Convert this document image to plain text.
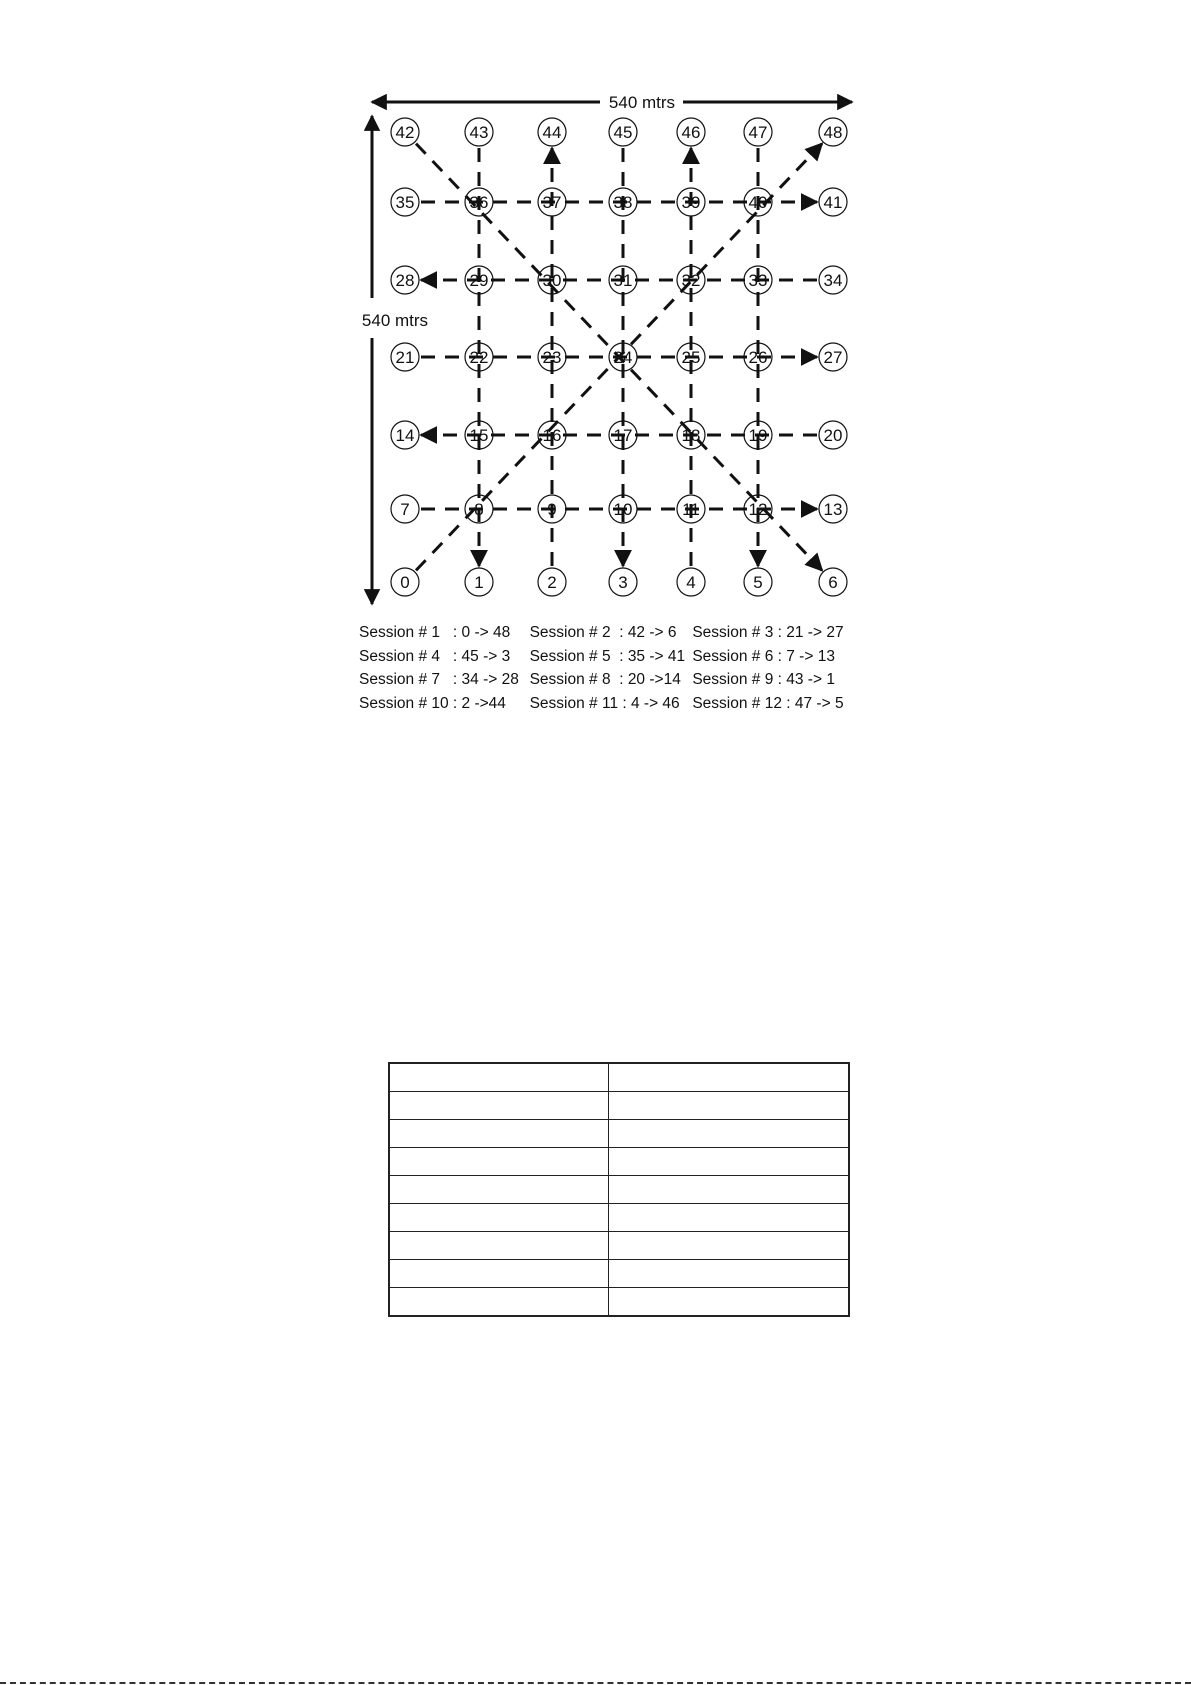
540 mtrs
540 mtrs
0	1	2	3	4	5	6
7	8	9	10	11	12	13
14	15	16	17	18	19	20
21	22	23	24	25	26	27
28	29	30	31	32	33	34
35	36	37	38	39	40	41
42	43	44	45	46	47	48
Session # 1   : 0 -> 48	Session # 2  : 42 -> 6	Session # 3 : 21 -> 27
Session # 4   : 45 -> 3	Session # 5  : 35 -> 41 Session # 6 : 7 -> 13
Session # 7   : 34 -> 28 Session # 8  : 20 ->14 Session # 9 : 43 -> 1
Session # 10 : 2 ->44	Session # 11 : 4 -> 46 Session # 12 : 47 -> 5
